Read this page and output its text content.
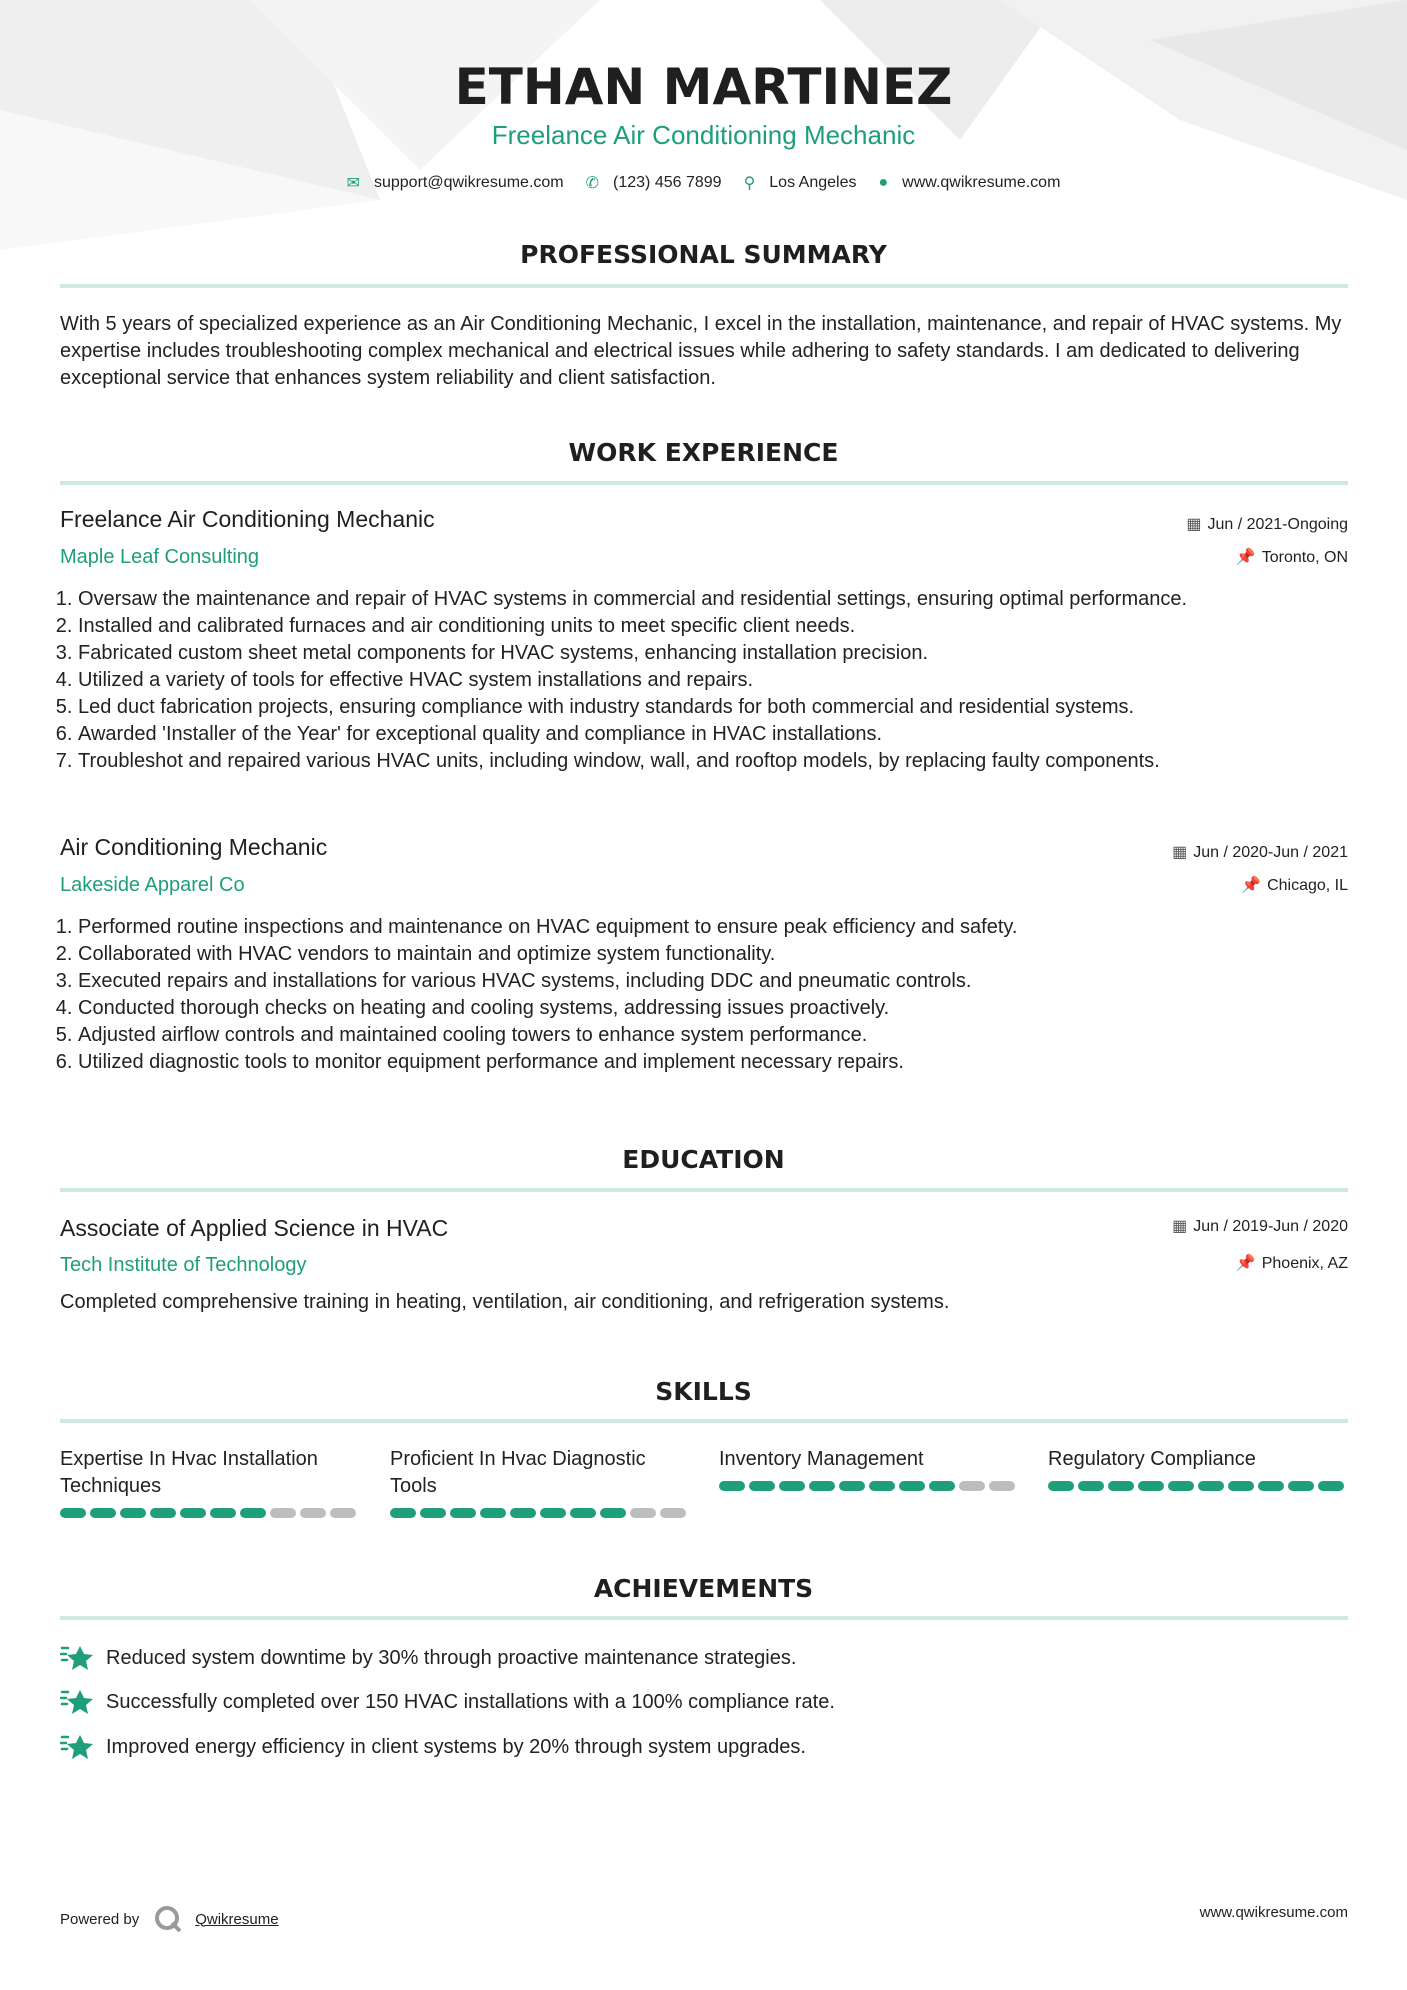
ETHAN MARTINEZ
Freelance Air Conditioning Mechanic
✉ support@qwikresume.com ✆ (123) 456 7899 ⚲ Los Angeles ● www.qwikresume.com
PROFESSIONAL SUMMARY
With 5 years of specialized experience as an Air Conditioning Mechanic, I excel in the installation, maintenance, and repair of HVAC systems. My expertise includes troubleshooting complex mechanical and electrical issues while adhering to safety standards. I am dedicated to delivering exceptional service that enhances system reliability and client satisfaction.
WORK EXPERIENCE
Freelance Air Conditioning Mechanic
Maple Leaf Consulting
▦ Jun / 2021-Ongoing
📌 Toronto, ON
1. Oversaw the maintenance and repair of HVAC systems in commercial and residential settings, ensuring optimal performance.
2. Installed and calibrated furnaces and air conditioning units to meet specific client needs.
3. Fabricated custom sheet metal components for HVAC systems, enhancing installation precision.
4. Utilized a variety of tools for effective HVAC system installations and repairs.
5. Led duct fabrication projects, ensuring compliance with industry standards for both commercial and residential systems.
6. Awarded 'Installer of the Year' for exceptional quality and compliance in HVAC installations.
7. Troubleshot and repaired various HVAC units, including window, wall, and rooftop models, by replacing faulty components.
Air Conditioning Mechanic
Lakeside Apparel Co
▦ Jun / 2020-Jun / 2021
📌 Chicago, IL
1. Performed routine inspections and maintenance on HVAC equipment to ensure peak efficiency and safety.
2. Collaborated with HVAC vendors to maintain and optimize system functionality.
3. Executed repairs and installations for various HVAC systems, including DDC and pneumatic controls.
4. Conducted thorough checks on heating and cooling systems, addressing issues proactively.
5. Adjusted airflow controls and maintained cooling towers to enhance system performance.
6. Utilized diagnostic tools to monitor equipment performance and implement necessary repairs.
EDUCATION
Associate of Applied Science in HVAC
Tech Institute of Technology
▦ Jun / 2019-Jun / 2020
📌 Phoenix, AZ
Completed comprehensive training in heating, ventilation, air conditioning, and refrigeration systems.
SKILLS
Expertise In Hvac Installation Techniques
Proficient In Hvac Diagnostic Tools
Inventory Management	Regulatory Compliance
ACHIEVEMENTS
Reduced system downtime by 30% through proactive maintenance strategies.
Successfully completed over 150 HVAC installations with a 100% compliance rate.
Improved energy efficiency in client systems by 20% through system upgrades.
Powered by	Qwikresume	www.qwikresume.com
